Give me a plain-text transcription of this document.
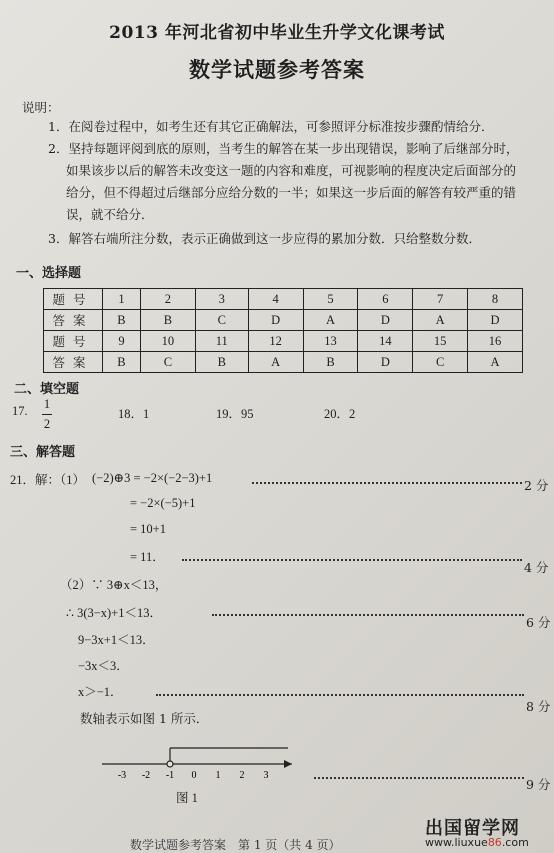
2013 年河北省初中毕业生升学文化课考试
数学试题参考答案
说明：
1．在阅卷过程中，如考生还有其它正确解法，可参照评分标准按步骤酌情给分．
2．坚持每题评阅到底的原则，当考生的解答在某一步出现错误，影响了后继部分时，
如果该步以后的解答未改变这一题的内容和难度，可视影响的程度决定后面部分的
给分，但不得超过后继部分应给分数的一半；如果这一步后面的解答有较严重的错
误，就不给分．
3．解答右端所注分数，表示正确做到这一步应得的累加分数．只给整数分数．
一、选择题
题号	1	2	3	4	5	6	7	8
答案	B	B	C	D	A	D	A	D
题号	9	10	11	12	13	14	15	16
答案	B	C	B	A	B	D	C	A
二、填空题
17. 1
2
18．1	19．95	20．2
三、解答题
21．解：（1） (−2)⊕3 = −2×(−2−3)+1	2 分
= −2×(−5)+1
= 10+1
= 11．
4 分
（2）∵ 3⊕x＜13，
∴ 3(3−x)+1＜13．
6 分
9−3x+1＜13．
−3x＜3．
x＞−1．
8 分
数轴表示如图 1 所示．
-3 -2 -1 0 1 2 3
图 1
9 分
数学试题参考答案　第 1 页（共 4 页）
出国留学网
www.liuxue86.com
